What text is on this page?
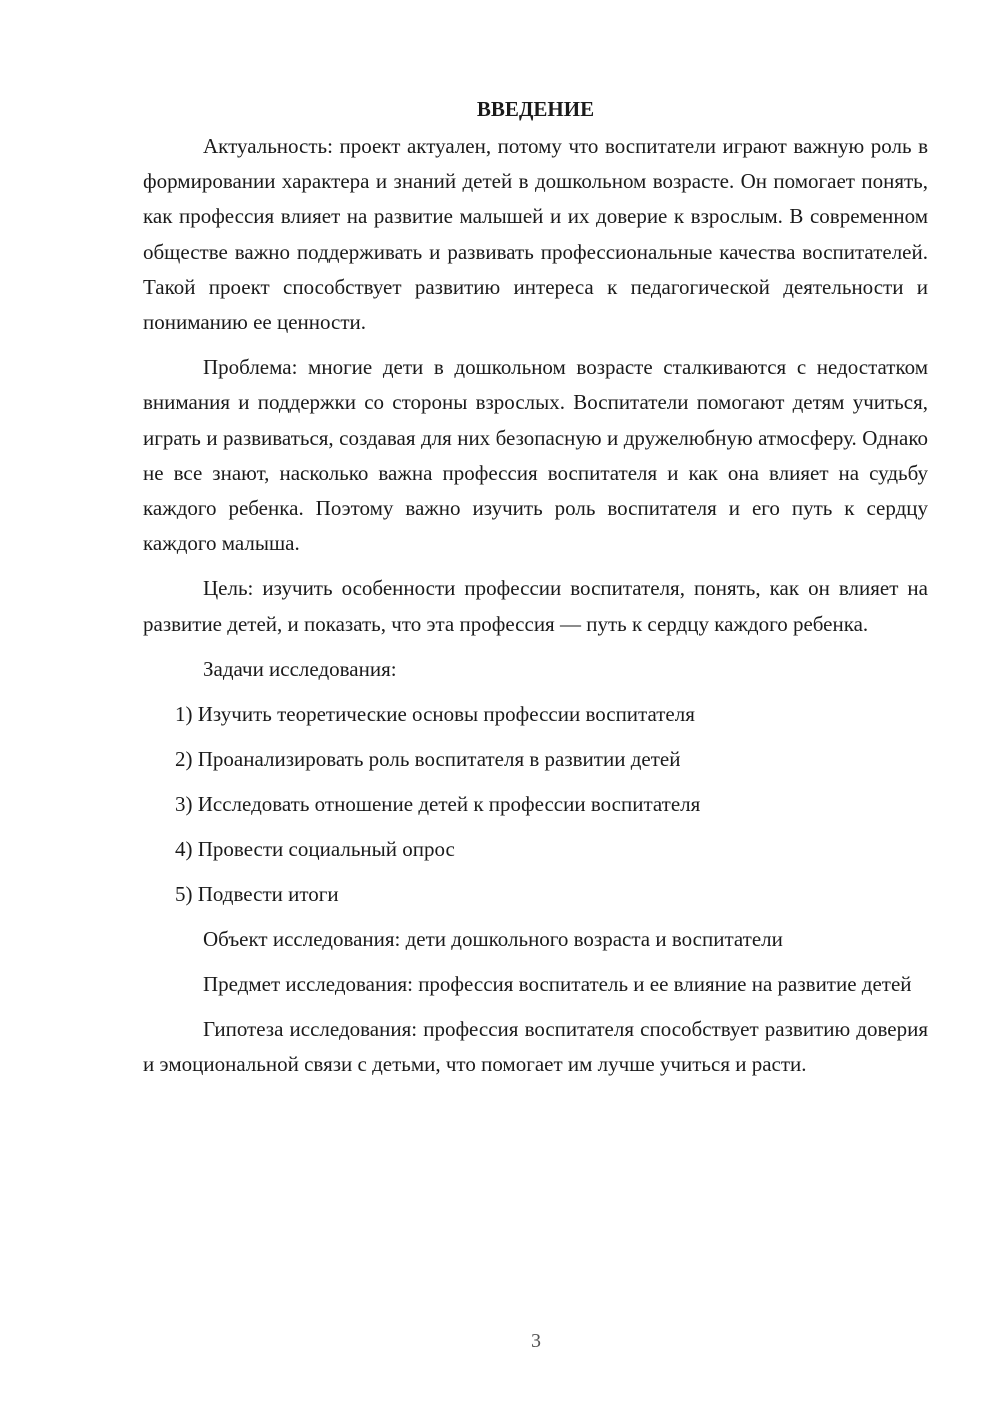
ВВЕДЕНИЕ

Актуальность: проект актуален, потому что воспитатели играют важную роль в формировании характера и знаний детей в дошкольном возрасте. Он помогает понять, как профессия влияет на развитие малышей и их доверие к взрослым. В современном обществе важно поддерживать и развивать профессиональные качества воспитателей. Такой проект способствует развитию интереса к педагогической деятельности и пониманию ее ценности.

Проблема: многие дети в дошкольном возрасте сталкиваются с недостатком внимания и поддержки со стороны взрослых. Воспитатели помогают детям учиться, играть и развиваться, создавая для них безопасную и дружелюбную атмосферу. Однако не все знают, насколько важна профессия воспитателя и как она влияет на судьбу каждого ребенка. Поэтому важно изучить роль воспитателя и его путь к сердцу каждого малыша.

Цель: изучить особенности профессии воспитателя, понять, как он влияет на развитие детей, и показать, что эта профессия — путь к сердцу каждого ребенка.

Задачи исследования:
1) Изучить теоретические основы профессии воспитателя
2) Проанализировать роль воспитателя в развитии детей
3) Исследовать отношение детей к профессии воспитателя
4) Провести социальный опрос
5) Подвести итоги
Объект исследования: дети дошкольного возраста и воспитатели

Предмет исследования: профессия воспитатель и ее влияние на развитие детей

Гипотеза исследования: профессия воспитателя способствует развитию доверия и эмоциональной связи с детьми, что помогает им лучше учиться и расти.

3
